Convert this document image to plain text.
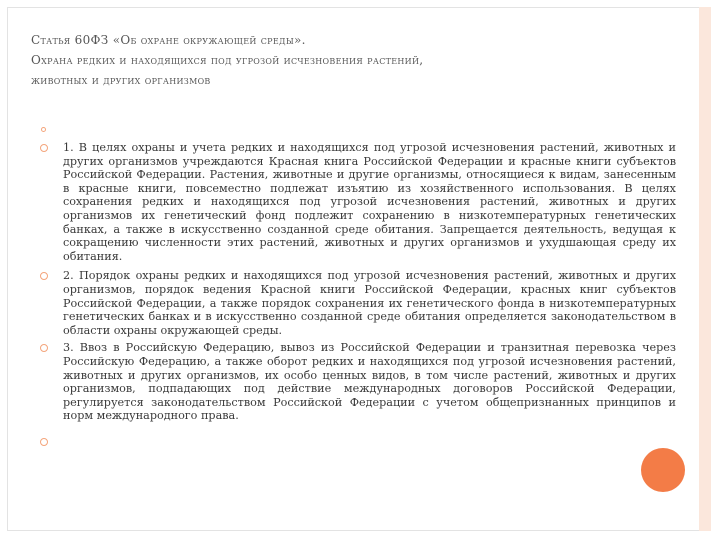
Статья 60ФЗ «Об охране окружающей среды».
Охрана редких и находящихся под угрозой исчезновения растений,
животных и других организмов
1. В целях охраны и учета редких и находящихся под угрозой исчезновения растений, животных и других организмов учреждаются Красная книга Российской Федерации и красные книги субъектов Российской Федерации. Растения, животные и другие организмы, относящиеся к видам, занесенным в красные книги, повсеместно подлежат изъятию из хозяйственного использования. В целях сохранения редких и находящихся под угрозой исчезновения растений, животных и других организмов их генетический фонд подлежит сохранению в низкотемпературных генетических банках, а также в искусственно созданной среде обитания. Запрещается деятельность, ведущая к сокращению численности этих растений, животных и других организмов и ухудшающая среду их обитания.
2. Порядок охраны редких и находящихся под угрозой исчезновения растений, животных и других организмов, порядок ведения Красной книги Российской Федерации, красных книг субъектов Российской Федерации, а также порядок сохранения их генетического фонда в низкотемпературных генетических банках и в искусственно созданной среде обитания определяется законодательством в области охраны окружающей среды.
3. Ввоз в Российскую Федерацию, вывоз из Российской Федерации и транзитная перевозка через Российскую Федерацию, а также оборот редких и находящихся под угрозой исчезновения растений, животных и других организмов, их особо ценных видов, в том числе растений, животных и других организмов, подпадающих под действие международных договоров Российской Федерации, регулируется законодательством Российской Федерации с учетом общепризнанных принципов и норм международного права.
